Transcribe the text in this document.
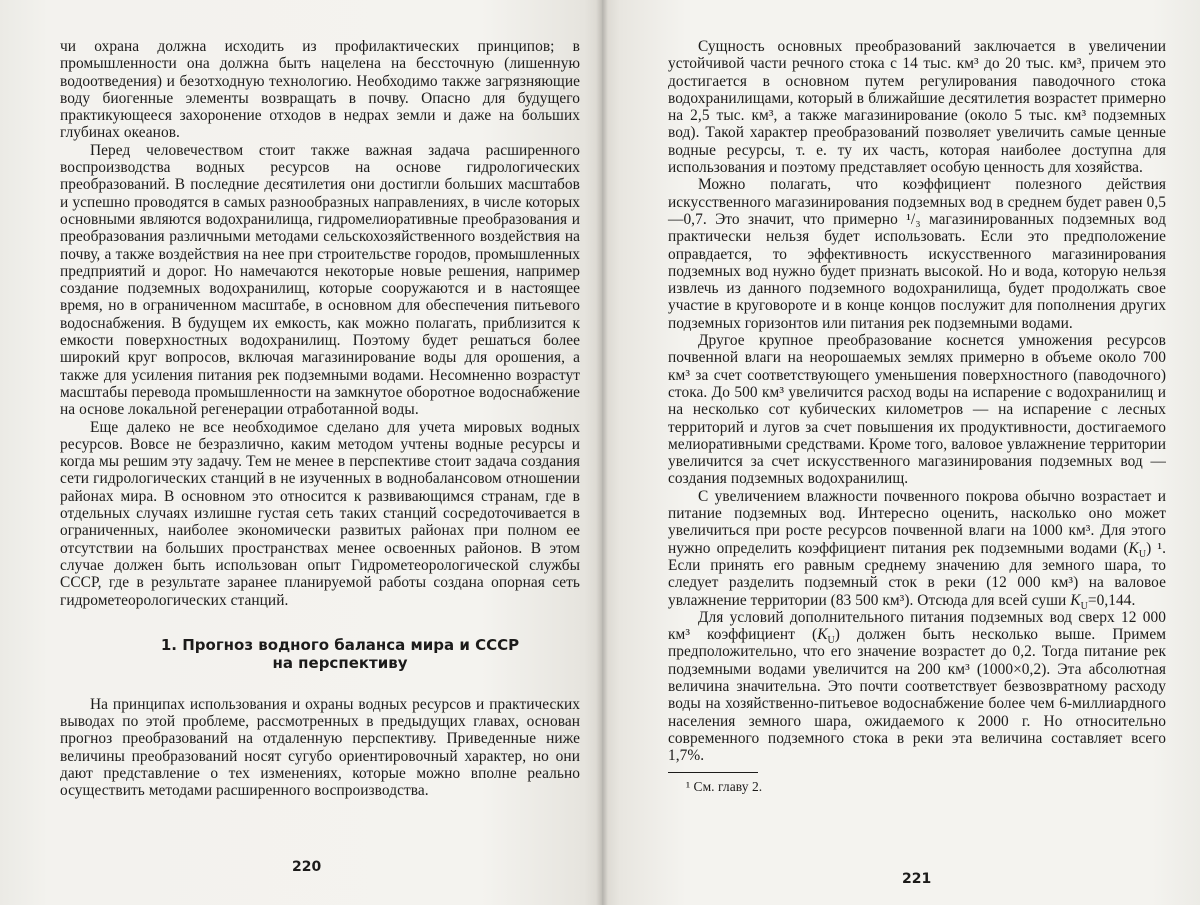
чи охрана должна исходить из профилактических принципов; в промышленности она должна быть нацелена на бессточную (лишенную водоотведения) и безотходную технологию. Необходимо также загрязняющие воду биогенные элементы возвращать в почву. Опасно для будущего практикующееся захоронение отходов в недрах земли и даже на больших глубинах океанов.

Перед человечеством стоит также важная задача расширенного воспроизводства водных ресурсов на основе гидрологических преобразований. В последние десятилетия они достигли больших масштабов и успешно проводятся в самых разнообразных направлениях, в числе которых основными являются водохранилища, гидромелиоративные преобразования и преобразования различными методами сельскохозяйственного воздействия на почву, а также воздействия на нее при строительстве городов, промышленных предприятий и дорог. Но намечаются некоторые новые решения, например создание подземных водохранилищ, которые сооружаются и в настоящее время, но в ограниченном масштабе, в основном для обеспечения питьевого водоснабжения. В будущем их емкость, как можно полагать, приблизится к емкости поверхностных водохранилищ. Поэтому будет решаться более широкий круг вопросов, включая магазинирование воды для орошения, а также для усиления питания рек подземными водами. Несомненно возрастут масштабы перевода промышленности на замкнутое оборотное водоснабжение на основе локальной регенерации отработанной воды.

Еще далеко не все необходимое сделано для учета мировых водных ресурсов. Вовсе не безразлично, каким методом учтены водные ресурсы и когда мы решим эту задачу. Тем не менее в перспективе стоит задача создания сети гидрологических станций в не изученных в воднобалансовом отношении районах мира. В основном это относится к развивающимся странам, где в отдельных случаях излишне густая сеть таких станций сосредоточивается в ограниченных, наиболее экономически развитых районах при полном ее отсутствии на больших пространствах менее освоенных районов. В этом случае должен быть использован опыт Гидрометеорологической службы СССР, где в результате заранее планируемой работы создана опорная сеть гидрометеорологических станций.

1. Прогноз водного баланса мира и СССР
на перспективу

На принципах использования и охраны водных ресурсов и практических выводах по этой проблеме, рассмотренных в предыдущих главах, основан прогноз преобразований на отдаленную перспективу. Приведенные ниже величины преобразований носят сугубо ориентировочный характер, но они дают представление о тех изменениях, которые можно вполне реально осуществить методами расширенного воспроизводства.

220

Сущность основных преобразований заключается в увеличении устойчивой части речного стока с 14 тыс. км³ до 20 тыс. км³, причем это достигается в основном путем регулирования паводочного стока водохранилищами, который в ближайшие десятилетия возрастет примерно на 2,5 тыс. км³, а также магазинирование (около 5 тыс. км³ подземных вод). Такой характер преобразований позволяет увеличить самые ценные водные ресурсы, т. е. ту их часть, которая наиболее доступна для использования и поэтому представляет особую ценность для хозяйства.

Можно полагать, что коэффициент полезного действия искусственного магазинирования подземных вод в среднем будет равен 0,5—0,7. Это значит, что примерно ¹/₃ магазинированных подземных вод практически нельзя будет использовать. Если это предположение оправдается, то эффективность искусственного магазинирования подземных вод нужно будет признать высокой. Но и вода, которую нельзя извлечь из данного подземного водохранилища, будет продолжать свое участие в круговороте и в конце концов послужит для пополнения других подземных горизонтов или питания рек подземными водами.

Другое крупное преобразование коснется умножения ресурсов почвенной влаги на неорошаемых землях примерно в объеме около 700 км³ за счет соответствующего уменьшения поверхностного (паводочного) стока. До 500 км³ увеличится расход воды на испарение с водохранилищ и на несколько сот кубических километров — на испарение с лесных территорий и лугов за счет повышения их продуктивности, достигаемого мелиоративными средствами. Кроме того, валовое увлажнение территории увеличится за счет искусственного магазинирования подземных вод — создания подземных водохранилищ.

С увеличением влажности почвенного покрова обычно возрастает и питание подземных вод. Интересно оценить, насколько оно может увеличиться при росте ресурсов почвенной влаги на 1000 км³. Для этого нужно определить коэффициент питания рек подземными водами $(K_U)$ ¹. Если принять его равным среднему значению для земного шара, то следует разделить подземный сток в реки (12 000 км³) на валовое увлажнение территории (83 500 км³). Отсюда для всей суши $K_U=0,144$.

Для условий дополнительного питания подземных вод сверх 12 000 км³ коэффициент $(K_U)$ должен быть несколько выше. Примем предположительно, что его значение возрастет до 0,2. Тогда питание рек подземными водами увеличится на 200 км³ (1000×0,2). Эта абсолютная величина значительна. Это почти соответствует безвозвратному расходу воды на хозяйственно-питьевое водоснабжение более чем 6-миллиардного населения земного шара, ожидаемого к 2000 г. Но относительно современного подземного стока в реки эта величина составляет всего 1,7%.

¹ См. главу 2.

221
